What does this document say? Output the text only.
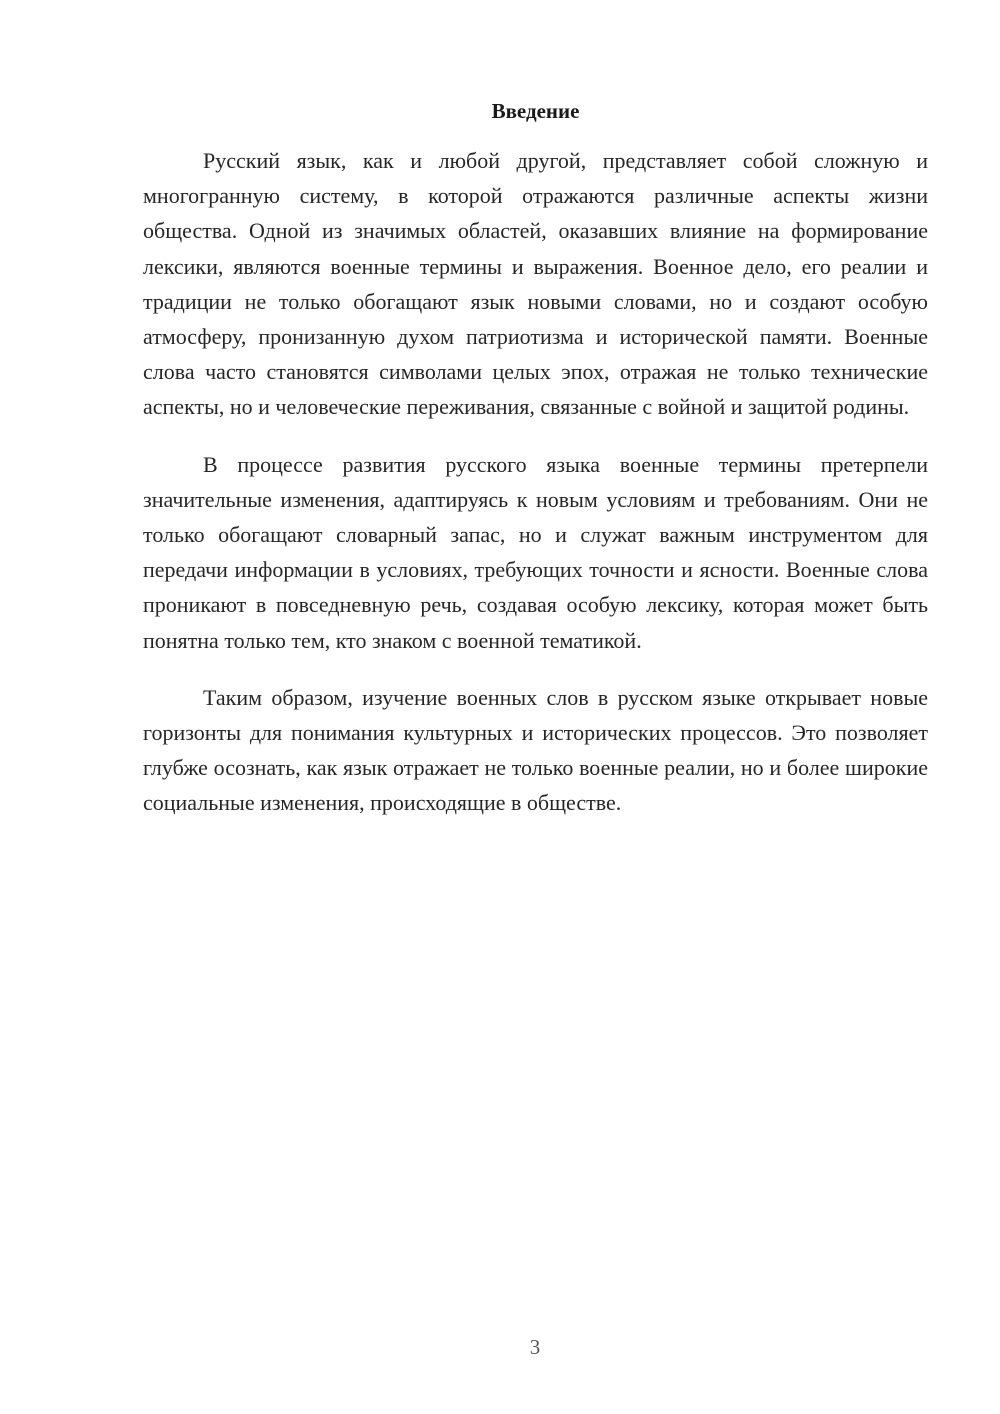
Введение

Русский язык, как и любой другой, представляет собой сложную и многогранную систему, в которой отражаются различные аспекты жизни общества. Одной из значимых областей, оказавших влияние на формирование лексики, являются военные термины и выражения. Военное дело, его реалии и традиции не только обогащают язык новыми словами, но и создают особую атмосферу, пронизанную духом патриотизма и исторической памяти. Военные слова часто становятся символами целых эпох, отражая не только технические аспекты, но и человеческие переживания, связанные с войной и защитой родины.

В процессе развития русского языка военные термины претерпели значительные изменения, адаптируясь к новым условиям и требованиям. Они не только обогащают словарный запас, но и служат важным инструментом для передачи информации в условиях, требующих точности и ясности. Военные слова проникают в повседневную речь, создавая особую лексику, которая может быть понятна только тем, кто знаком с военной тематикой.

Таким образом, изучение военных слов в русском языке открывает новые горизонты для понимания культурных и исторических процессов. Это позволяет глубже осознать, как язык отражает не только военные реалии, но и более широкие социальные изменения, происходящие в обществе.

3
